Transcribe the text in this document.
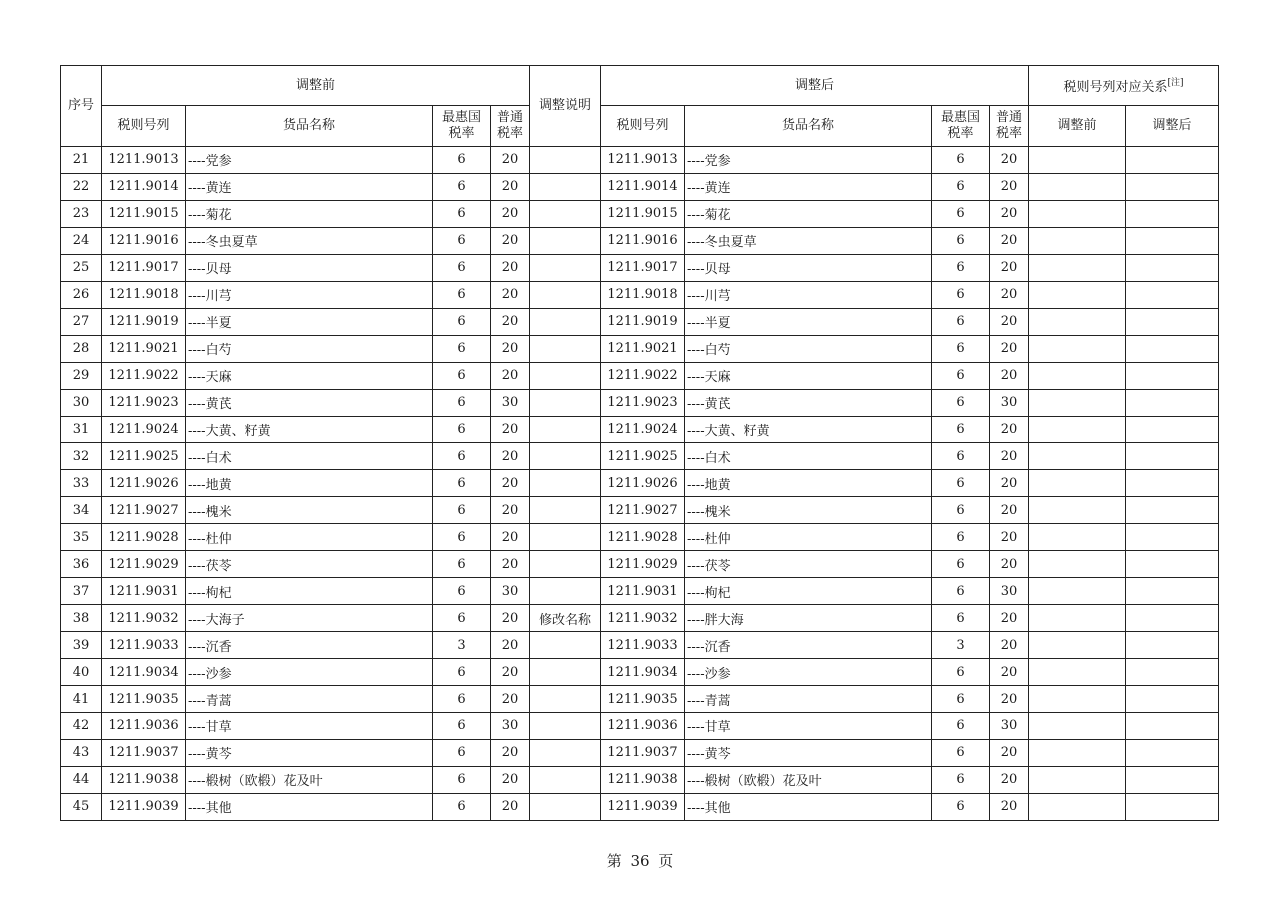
序号	调整前				调整说明	调整后				税则号列对应关系[注]
	税则号列	货品名称	最惠国税率	普通税率		税则号列	货品名称	最惠国税率	普通税率	调整前	调整后
21	1211.9013	----党参	6	20		1211.9013	----党参	6	20		
22	1211.9014	----黄连	6	20		1211.9014	----黄连	6	20		
23	1211.9015	----菊花	6	20		1211.9015	----菊花	6	20		
24	1211.9016	----冬虫夏草	6	20		1211.9016	----冬虫夏草	6	20		
25	1211.9017	----贝母	6	20		1211.9017	----贝母	6	20		
26	1211.9018	----川芎	6	20		1211.9018	----川芎	6	20		
27	1211.9019	----半夏	6	20		1211.9019	----半夏	6	20		
28	1211.9021	----白芍	6	20		1211.9021	----白芍	6	20		
29	1211.9022	----天麻	6	20		1211.9022	----天麻	6	20		
30	1211.9023	----黄芪	6	30		1211.9023	----黄芪	6	30		
31	1211.9024	----大黄、籽黄	6	20		1211.9024	----大黄、籽黄	6	20		
32	1211.9025	----白术	6	20		1211.9025	----白术	6	20		
33	1211.9026	----地黄	6	20		1211.9026	----地黄	6	20		
34	1211.9027	----槐米	6	20		1211.9027	----槐米	6	20		
35	1211.9028	----杜仲	6	20		1211.9028	----杜仲	6	20		
36	1211.9029	----茯苓	6	20		1211.9029	----茯苓	6	20		
37	1211.9031	----枸杞	6	30		1211.9031	----枸杞	6	30		
38	1211.9032	----大海子	6	20	修改名称	1211.9032	----胖大海	6	20		
39	1211.9033	----沉香	3	20		1211.9033	----沉香	3	20		
40	1211.9034	----沙参	6	20		1211.9034	----沙参	6	20		
41	1211.9035	----青蒿	6	20		1211.9035	----青蒿	6	20		
42	1211.9036	----甘草	6	30		1211.9036	----甘草	6	30		
43	1211.9037	----黄芩	6	20		1211.9037	----黄芩	6	20		
44	1211.9038	----椴树（欧椴）花及叶	6	20		1211.9038	----椴树（欧椴）花及叶	6	20		
45	1211.9039	----其他	6	20		1211.9039	----其他	6	20		
第 36 页
